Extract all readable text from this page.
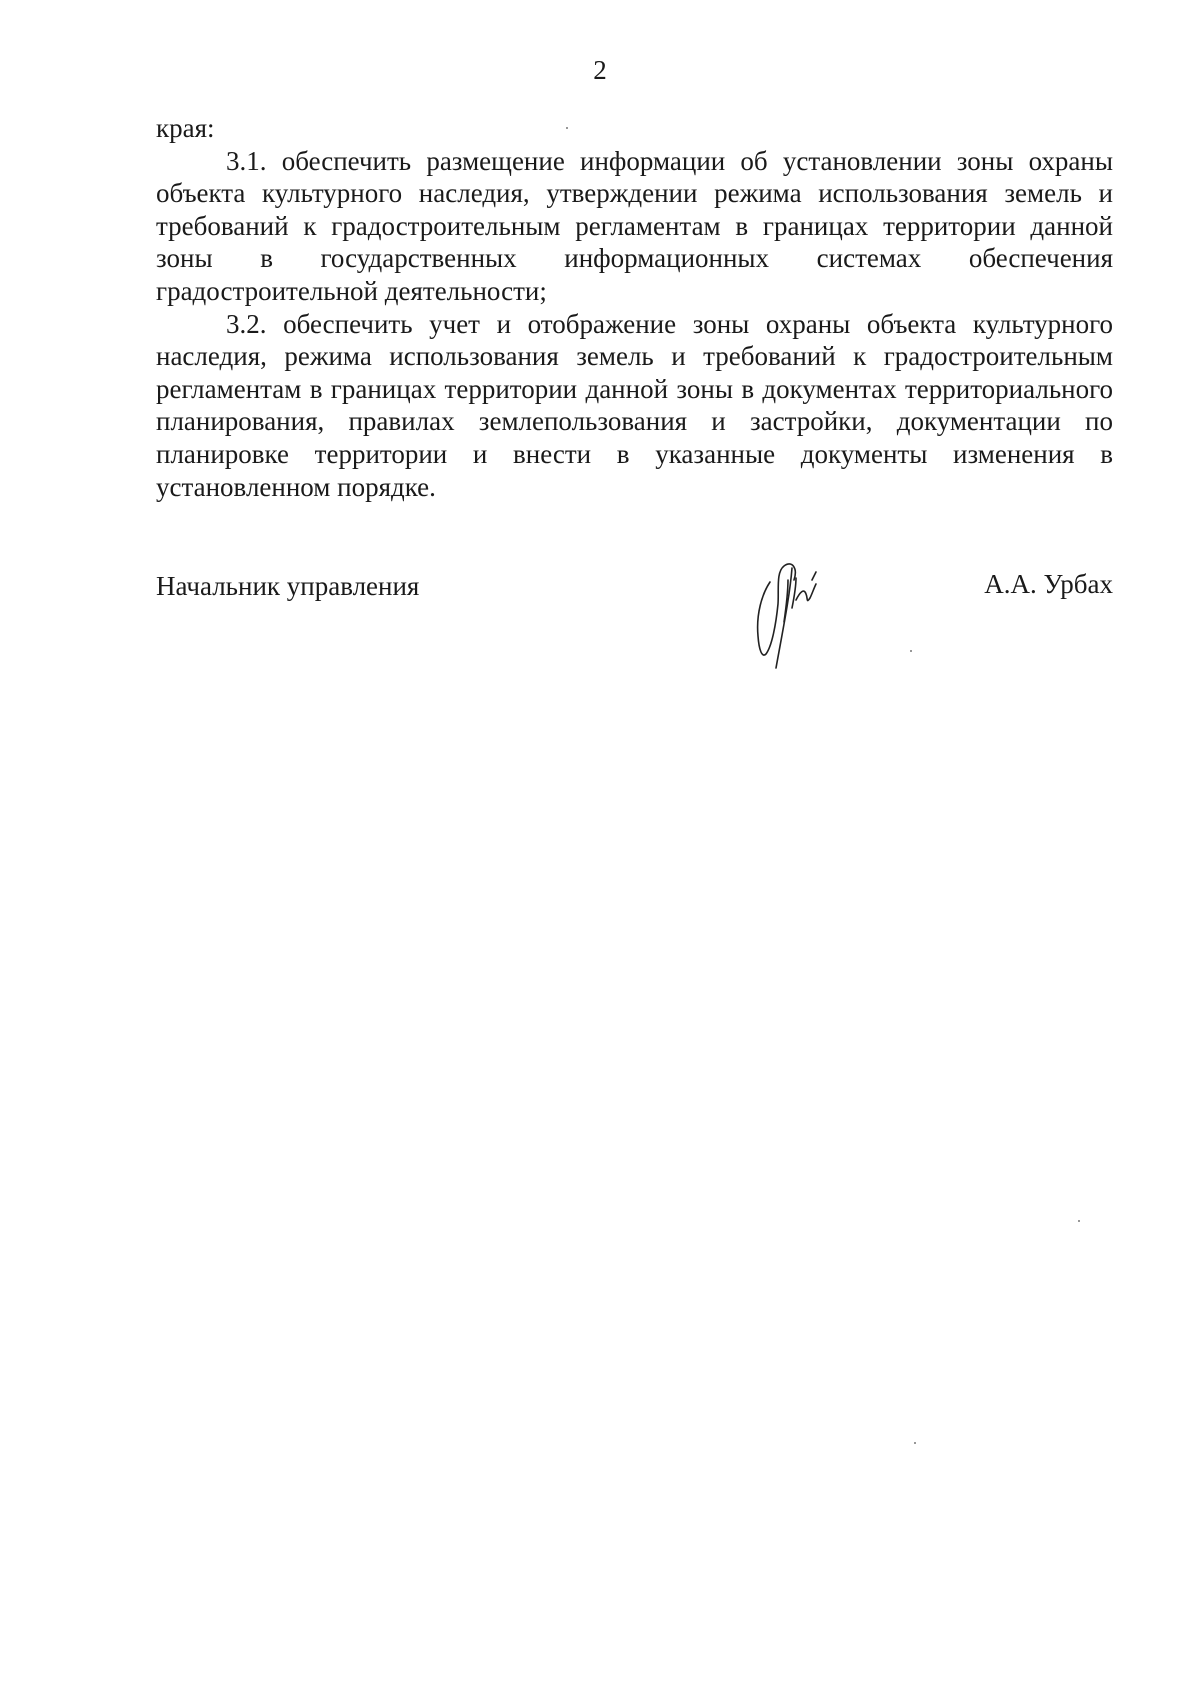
2

края:

3.1. обеспечить размещение информации об установлении зоны охраны объекта культурного наследия, утверждении режима использования земель и требований к градостроительным регламентам в границах территории данной зоны в государственных информационных системах обеспечения градостроительной деятельности;

3.2. обеспечить учет и отображение зоны охраны объекта культурного наследия, режима использования земель и требований к градостроительным регламентам в границах территории данной зоны в документах территориального планирования, правилах землепользования и застройки, документации по планировке территории и внести в указанные документы изменения в установленном порядке.

Начальник управления	А.А. Урбах
